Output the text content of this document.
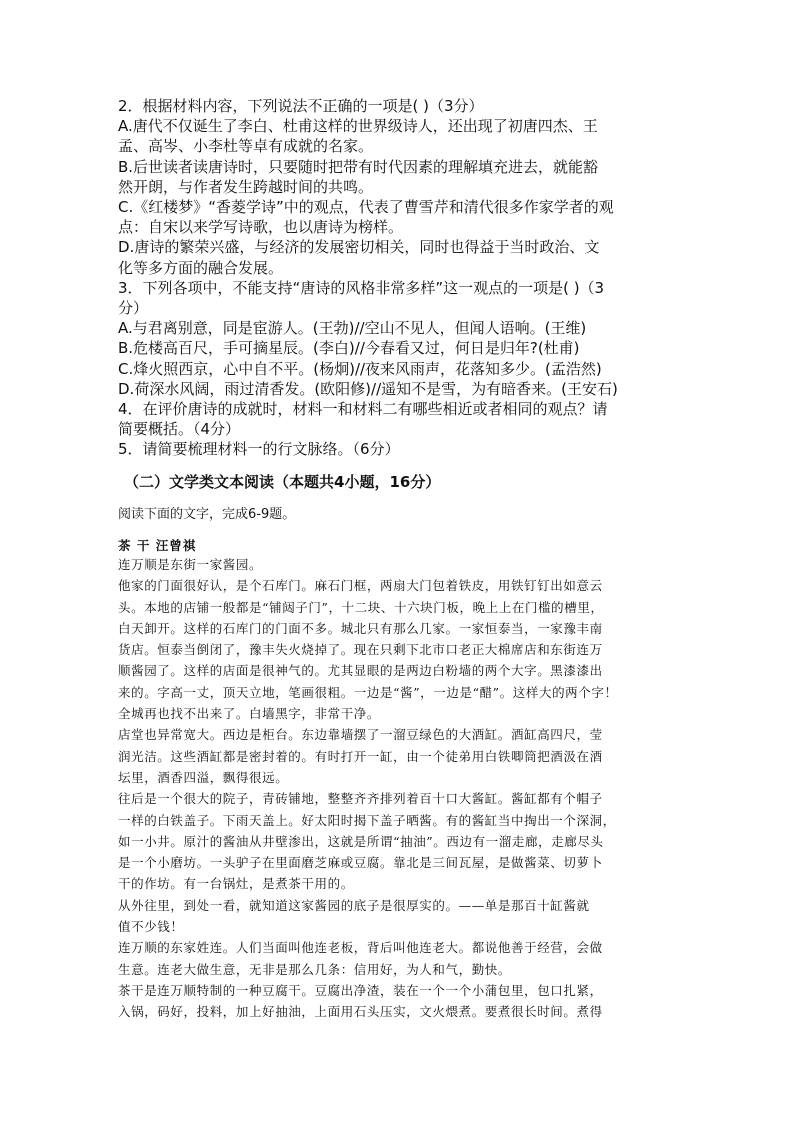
2．根据材料内容，下列说法不正确的一项是( )（3分）
A.唐代不仅诞生了李白、杜甫这样的世界级诗人，还出现了初唐四杰、王
孟、高岑、小李杜等卓有成就的名家。
B.后世读者读唐诗时，只要随时把带有时代因素的理解填充进去，就能豁
然开朗，与作者发生跨越时间的共鸣。
C.《红楼梦》“香菱学诗”中的观点，代表了曹雪芹和清代很多作家学者的观
点：自宋以来学写诗歌，也以唐诗为榜样。
D.唐诗的繁荣兴盛，与经济的发展密切相关，同时也得益于当时政治、文
化等多方面的融合发展。
3．下列各项中，不能支持“唐诗的风格非常多样”这一观点的一项是( )（3
分）
A.与君离别意，同是宦游人。(王勃)//空山不见人，但闻人语响。(王维)
B.危楼高百尺，手可摘星辰。(李白)//今春看又过，何日是归年?(杜甫)
C.烽火照西京，心中自不平。(杨炯)//夜来风雨声，花落知多少。(孟浩然)
D.荷深水风阔，雨过清香发。(欧阳修)//遥知不是雪，为有暗香来。(王安石)
4．在评价唐诗的成就时，材料一和材料二有哪些相近或者相同的观点？请
简要概括。（4分）
5．请简要梳理材料一的行文脉络。（6分）
（二）文学类文本阅读（本题共4小题，16分）
阅读下面的文字，完成6-9题。
茶 干 汪曾祺
连万顺是东街一家酱园。
他家的门面很好认，是个石库门。麻石门框，两扇大门包着铁皮，用铁钉钉出如意云
头。本地的店铺一般都是“铺闼子门”，十二块、十六块门板，晚上上在门槛的槽里，
白天卸开。这样的石库门的门面不多。城北只有那么几家。一家恒泰当，一家豫丰南
货店。恒泰当倒闭了，豫丰失火烧掉了。现在只剩下北市口老正大棉席店和东街连万
顺酱园了。这样的店面是很神气的。尤其显眼的是两边白粉墙的两个大字。黑漆漆出
来的。字高一丈，顶天立地，笔画很粗。一边是“酱”，一边是“醋”。这样大的两个字！
全城再也找不出来了。白墙黑字，非常干净。
店堂也异常宽大。西边是柜台。东边靠墙摆了一溜豆绿色的大酒缸。酒缸高四尺，莹
润光洁。这些酒缸都是密封着的。有时打开一缸，由一个徒弟用白铁唧筒把酒汲在酒
坛里，酒香四溢，飘得很远。
往后是一个很大的院子，青砖铺地，整整齐齐排列着百十口大酱缸。酱缸都有个帽子
一样的白铁盖子。下雨天盖上。好太阳时揭下盖子晒酱。有的酱缸当中掏出一个深洞，
如一小井。原汁的酱油从井壁渗出，这就是所谓“抽油”。西边有一溜走廊，走廊尽头
是一个小磨坊。一头驴子在里面磨芝麻或豆腐。靠北是三间瓦屋，是做酱菜、切萝卜
干的作坊。有一台锅灶，是煮茶干用的。
从外往里，到处一看，就知道这家酱园的底子是很厚实的。——单是那百十缸酱就
值不少钱！
连万顺的东家姓连。人们当面叫他连老板，背后叫他连老大。都说他善于经营，会做
生意。连老大做生意，无非是那么几条：信用好，为人和气，勤快。
茶干是连万顺特制的一种豆腐干。豆腐出净渣，装在一个一个小蒲包里，包口扎紧，
入锅，码好，投料，加上好抽油，上面用石头压实，文火煨煮。要煮很长时间。煮得
